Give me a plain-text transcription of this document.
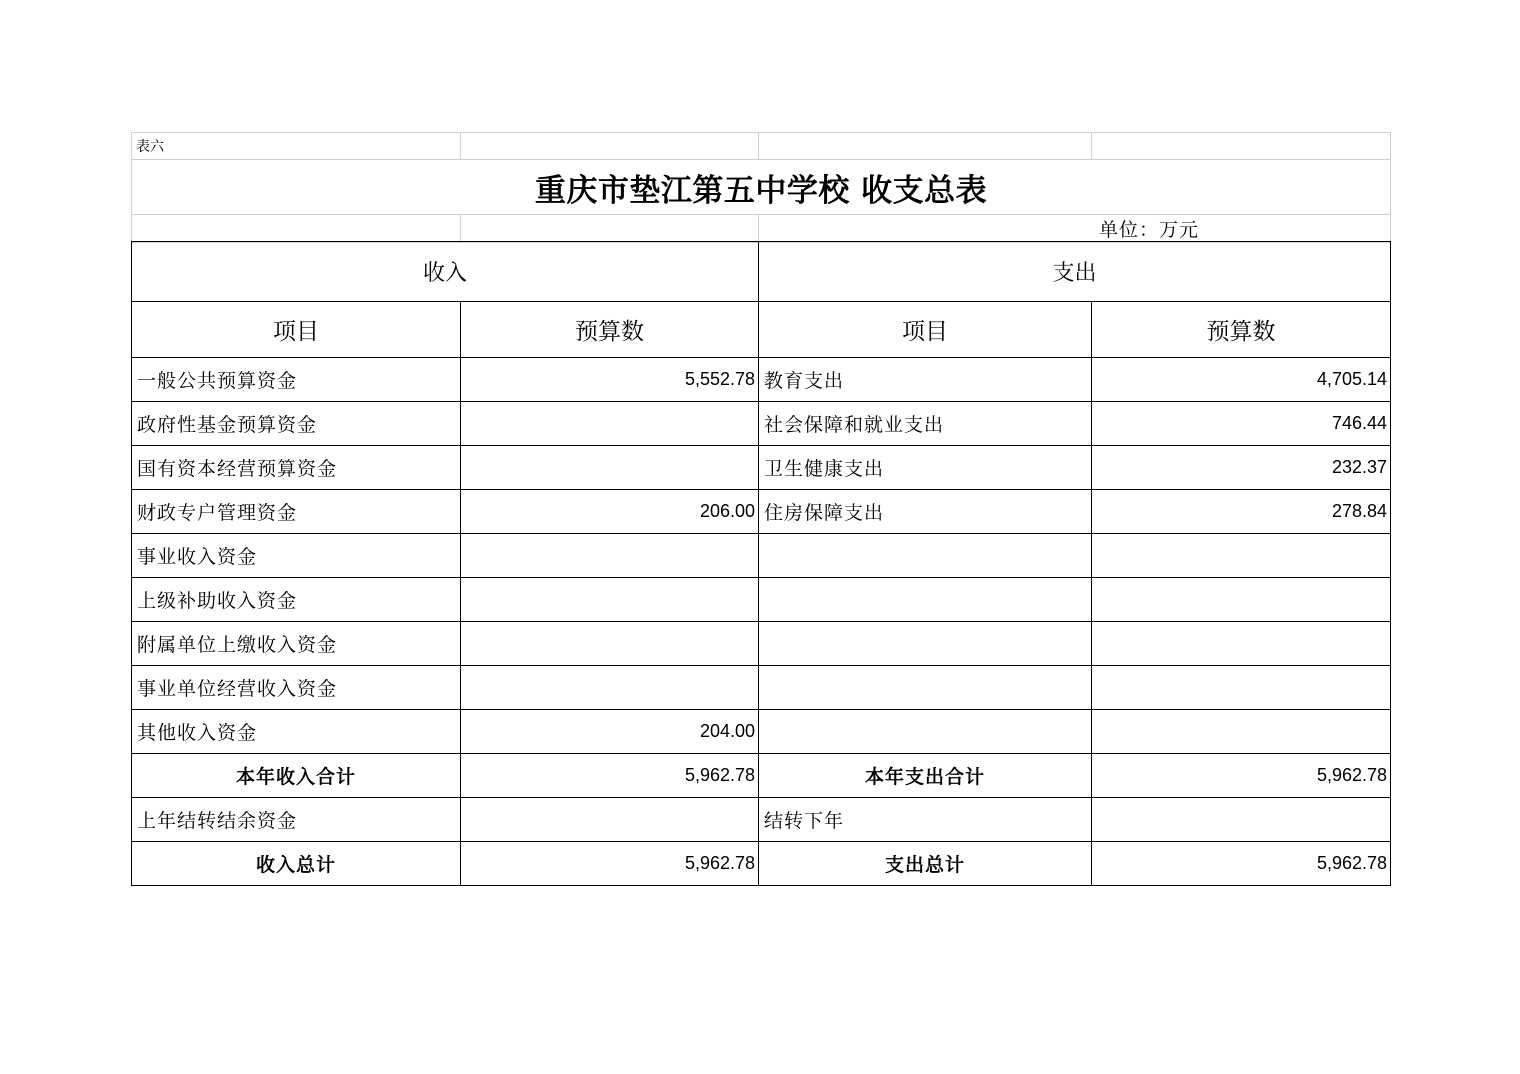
表六			
重庆市垫江第五中学校 收支总表			
			单位：万元
收入		支出	
项目	预算数	项目	预算数
一般公共预算资金	5,552.78	教育支出	4,705.14
政府性基金预算资金		社会保障和就业支出	746.44
国有资本经营预算资金		卫生健康支出	232.37
财政专户管理资金	206.00	住房保障支出	278.84
事业收入资金			
上级补助收入资金			
附属单位上缴收入资金			
事业单位经营收入资金			
其他收入资金	204.00		
本年收入合计	5,962.78	本年支出合计	5,962.78
上年结转结余资金		结转下年	
收入总计	5,962.78	支出总计	5,962.78
